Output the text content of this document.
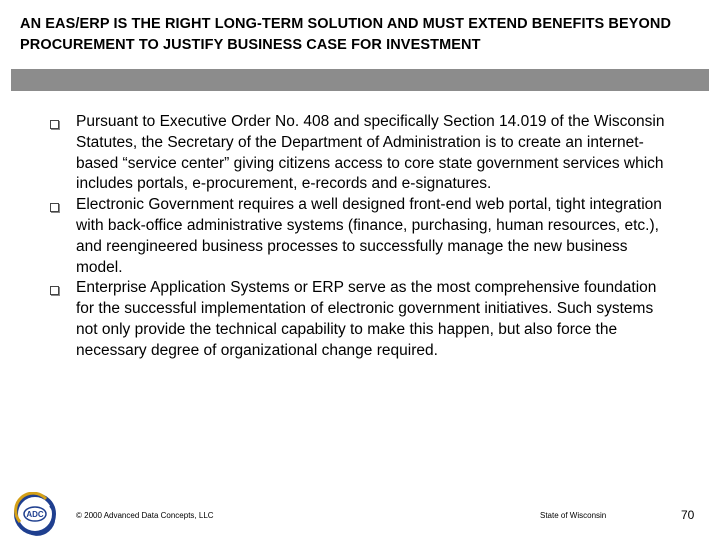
AN EAS/ERP IS THE RIGHT LONG-TERM SOLUTION AND MUST EXTEND BENEFITS BEYOND PROCUREMENT TO JUSTIFY BUSINESS CASE FOR INVESTMENT
Pursuant to Executive Order No. 408 and specifically Section 14.019 of the Wisconsin Statutes, the Secretary of the Department of Administration is to create an internet-based “service center” giving citizens access to core state government services which includes portals, e-procurement, e-records and e-signatures.
Electronic Government requires a well designed front-end web portal, tight integration with back-office administrative systems (finance, purchasing, human resources, etc.), and reengineered business processes to successfully manage the new business model.
Enterprise Application Systems or ERP serve as the most comprehensive foundation for the successful implementation of electronic government initiatives. Such systems not only provide the technical capability to make this happen, but also force the necessary degree of organizational change required.
ADC	© 2000 Advanced Data Concepts, LLC	State of Wisconsin	70
